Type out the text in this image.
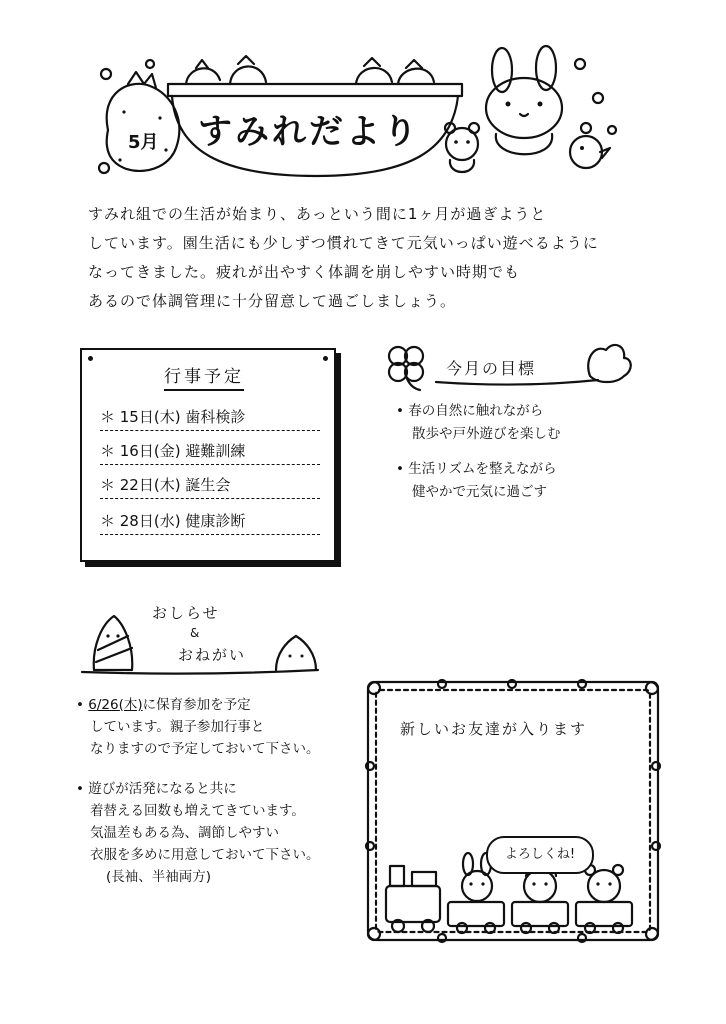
5月 すみれだより
すみれ組での生活が始まり、あっという間に1ヶ月が過ぎようと
しています。園生活にも少しずつ慣れてきて元気いっぱい遊べるように
なってきました。疲れが出やすく体調を崩しやすい時期でも
あるので体調管理に十分留意して過ごしましょう。
行事予定
＊ 15日(木) 歯科検診
＊ 16日(金) 避難訓練
＊ 22日(木) 誕生会
＊ 28日(水) 健康診断
今月の目標
• 春の自然に触れながら
散歩や戸外遊びを楽しむ
• 生活リズムを整えながら
健やかで元気に過ごす
おしらせ
&
おねがい
• 6/26(木)に保育参加を予定
しています。親子参加行事と
なりますので予定しておいて下さい。
• 遊びが活発になると共に
着替える回数も増えてきています。
気温差もある為、調節しやすい
衣服を多めに用意しておいて下さい。
(長袖、半袖両方)
新しいお友達が入ります
よろしくね!
